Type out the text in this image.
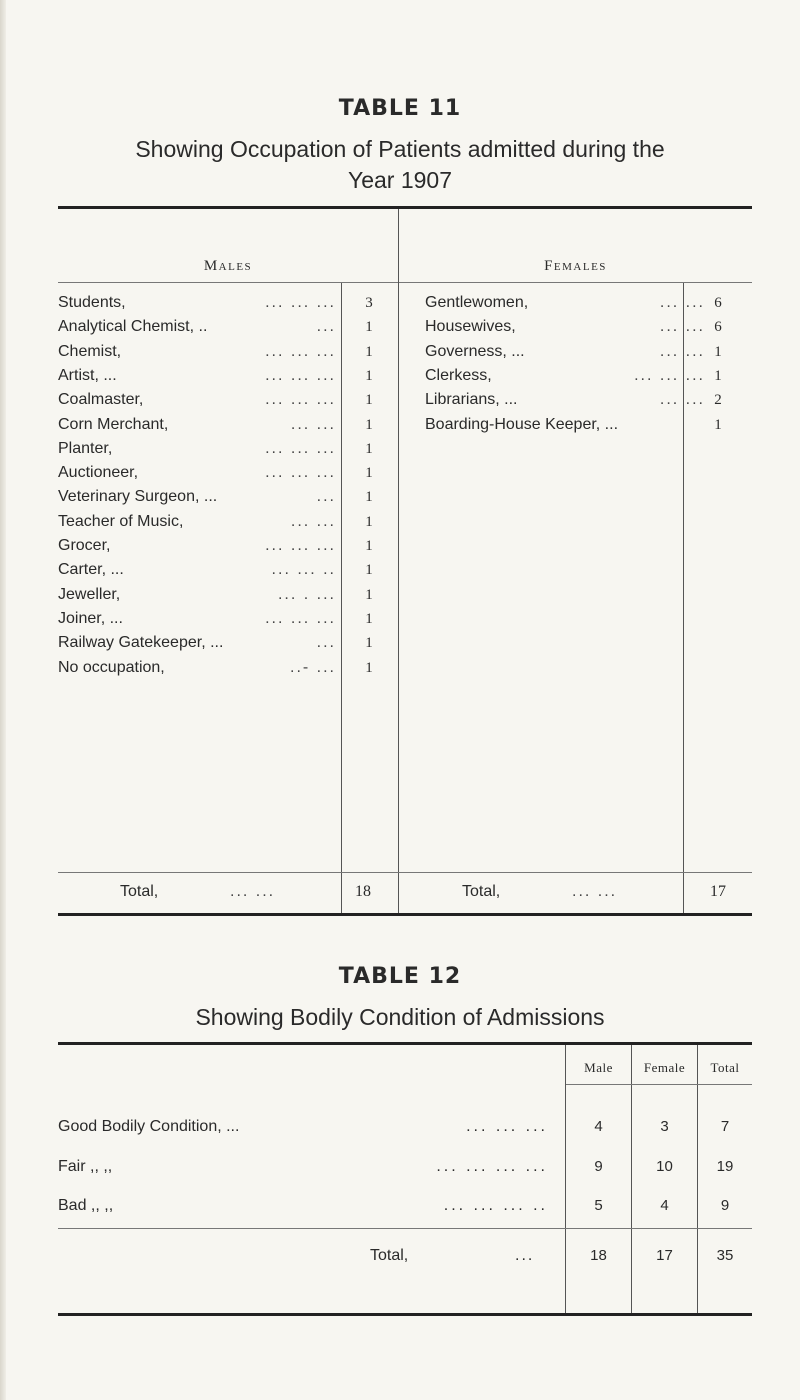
TABLE 11
Showing Occupation of Patients admitted during the
Year 1907
Males	Females
Students,	... ... ...	3
Analytical Chemist, ..	...	1
Chemist,	... ... ...	1
Artist, ...	... ... ...	1
Coalmaster,	... ... ...	1
Corn Merchant,	... ...	1
Planter,	... ... ...	1
Auctioneer,	... ... ...	1
Veterinary Surgeon, ...	...	1
Teacher of Music,	... ...	1
Grocer,	... ... ...	1
Carter, ...	... ... ..	1
Jeweller,	... . ...	1
Joiner, ...	... ... ...	1
Railway Gatekeeper, ...	...	1
No occupation,	..- ...	1
Gentlewomen,	... ... 6
Housewives,	... ... 6
Governess, ...	... ... 1
Clerkess,	... ... ... 1
Librarians, ...	... ... 2
Boarding-House Keeper, ...	1
Total,	... ...	18	Total,	... ...	17
TABLE 12
Showing Bodily Condition of Admissions
Male	Female	Total
Good Bodily Condition, ...	... ... ...	4	3	7
Fair ,, ,,	... ... ... ...	9	10	19
Bad ,, ,,	... ... ... ..	5	4	9
Total,	...	18	17	35
